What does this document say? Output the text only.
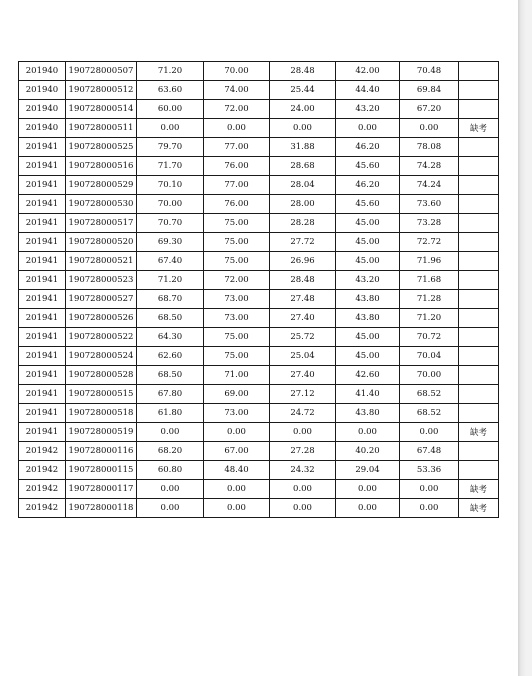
201940	190728000507	71.20	70.00	28.48	42.00	70.48	
201940	190728000512	63.60	74.00	25.44	44.40	69.84	
201940	190728000514	60.00	72.00	24.00	43.20	67.20	
201940	190728000511	0.00	0.00	0.00	0.00	0.00	缺考
201941	190728000525	79.70	77.00	31.88	46.20	78.08	
201941	190728000516	71.70	76.00	28.68	45.60	74.28	
201941	190728000529	70.10	77.00	28.04	46.20	74.24	
201941	190728000530	70.00	76.00	28.00	45.60	73.60	
201941	190728000517	70.70	75.00	28.28	45.00	73.28	
201941	190728000520	69.30	75.00	27.72	45.00	72.72	
201941	190728000521	67.40	75.00	26.96	45.00	71.96	
201941	190728000523	71.20	72.00	28.48	43.20	71.68	
201941	190728000527	68.70	73.00	27.48	43.80	71.28	
201941	190728000526	68.50	73.00	27.40	43.80	71.20	
201941	190728000522	64.30	75.00	25.72	45.00	70.72	
201941	190728000524	62.60	75.00	25.04	45.00	70.04	
201941	190728000528	68.50	71.00	27.40	42.60	70.00	
201941	190728000515	67.80	69.00	27.12	41.40	68.52	
201941	190728000518	61.80	73.00	24.72	43.80	68.52	
201941	190728000519	0.00	0.00	0.00	0.00	0.00	缺考
201942	190728000116	68.20	67.00	27.28	40.20	67.48	
201942	190728000115	60.80	48.40	24.32	29.04	53.36	
201942	190728000117	0.00	0.00	0.00	0.00	0.00	缺考
201942	190728000118	0.00	0.00	0.00	0.00	0.00	缺考
